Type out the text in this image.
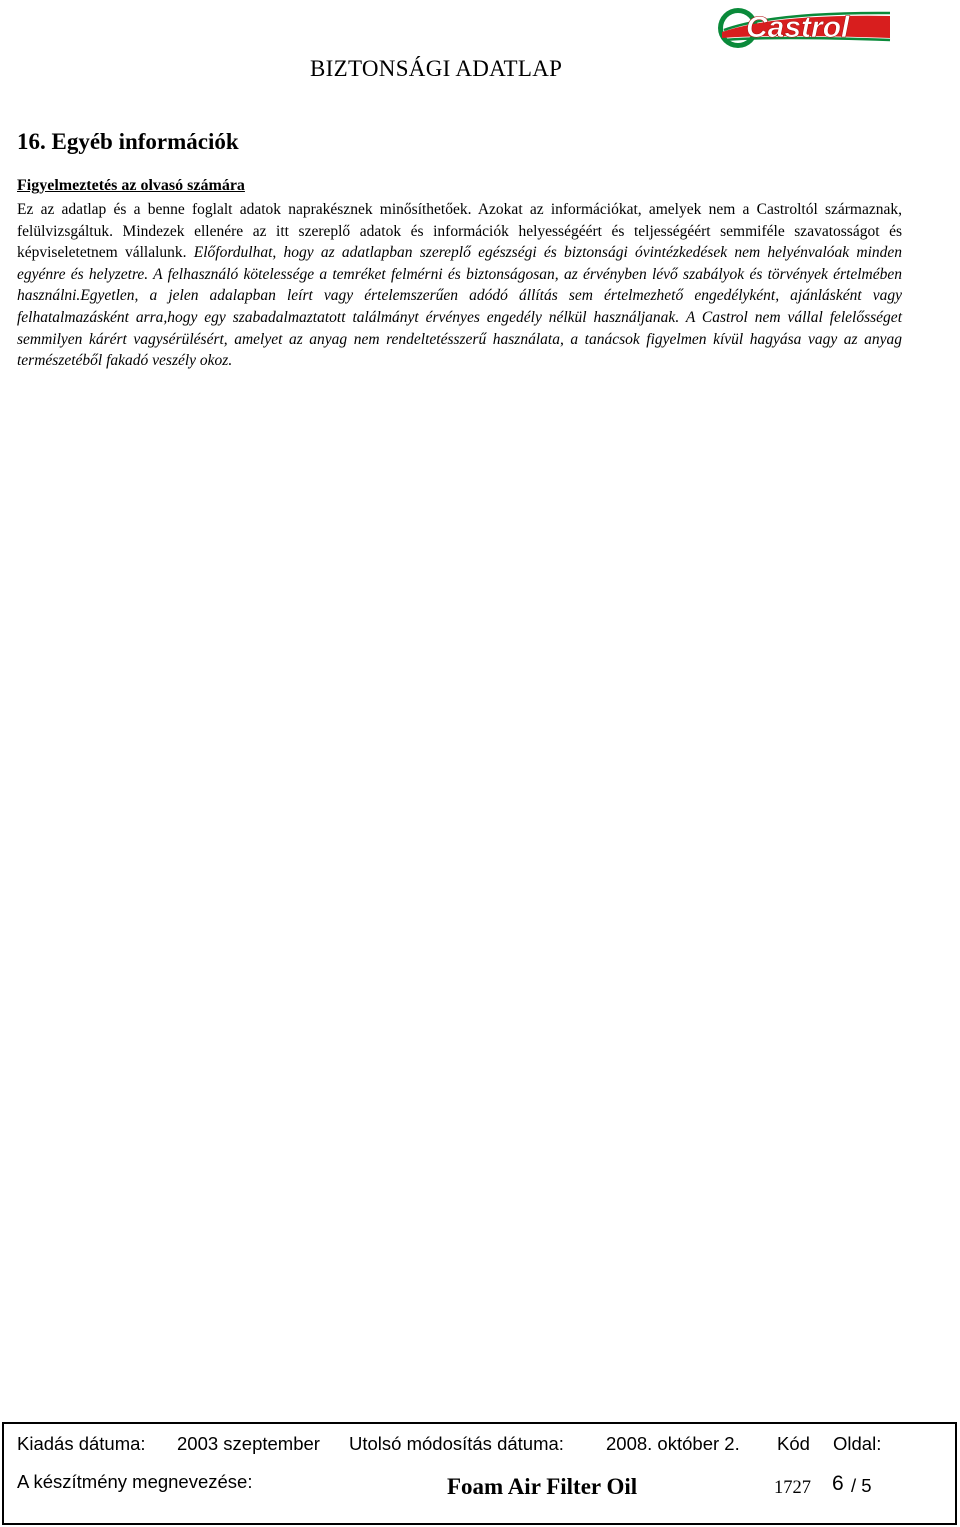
Castrol
BIZTONSÁGI ADATLAP
16. Egyéb információk
Figyelmeztetés az olvasó számára
Ez az adatlap és a benne foglalt adatok naprakésznek minősíthetőek. Azokat az információkat, amelyek nem a Castroltól származnak, felülvizsgáltuk. Mindezek ellenére az itt szereplő adatok és információk helyességéért és teljességéért semmiféle szavatosságot és képviseletetnem vállalunk. Előfordulhat, hogy az adatlapban szereplő egészségi és biztonsági óvintézkedések nem helyénvalóak minden egyénre és helyzetre. A felhasználó kötelessége a temréket felmérni és biztonságosan, az érvényben lévő szabályok és törvények értelmében használni.Egyetlen, a jelen adalapban leírt vagy értelemszerűen adódó állítás sem értelmezhető engedélyként, ajánlásként vagy felhatalmazásként arra,hogy egy szabadalmaztatott találmányt érvényes engedély nélkül használjanak. A Castrol nem vállal felelősséget semmilyen kárért vagysérülésért, amelyet az anyag nem rendeltetésszerű használata, a tanácsok figyelmen kívül hagyása vagy az anyag természetéből fakadó veszély okoz.
Kiadás dátuma: 2003 szeptember Utolsó módosítás dátuma: 2008. október 2. Kód Oldal:
A készítmény megnevezése:	Foam Air Filter Oil	1727 6 / 5
